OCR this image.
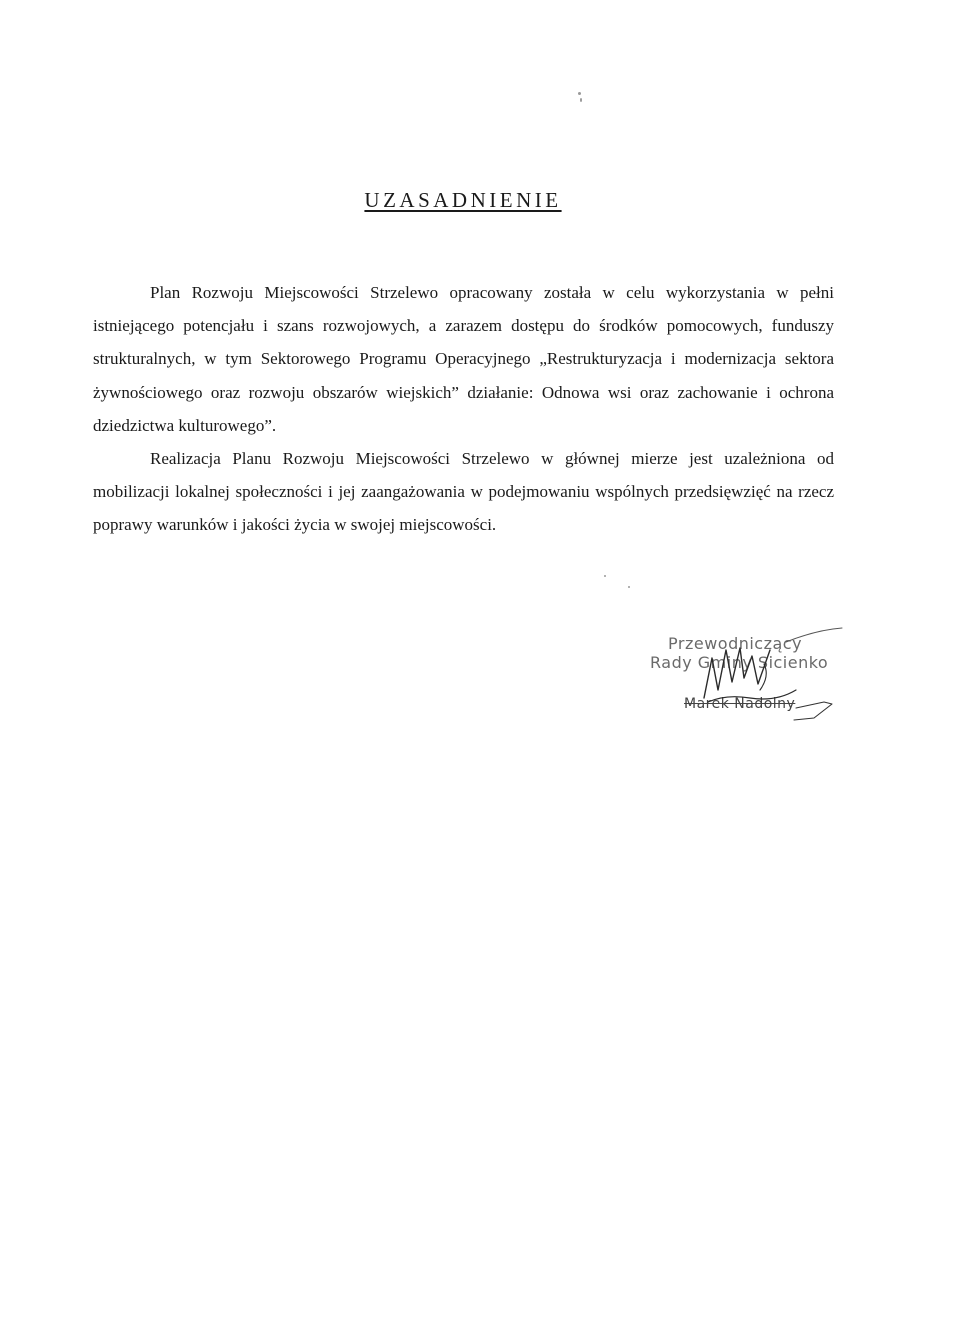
UZASADNIENIE

Plan Rozwoju Miejscowości Strzelewo opracowany została w celu wykorzystania w pełni istniejącego potencjału i szans rozwojowych, a zarazem dostępu do środków pomocowych, funduszy strukturalnych, w tym Sektorowego Programu Operacyjnego „Restrukturyzacja i modernizacja sektora żywnościowego oraz rozwoju obszarów wiejskich” działanie: Odnowa wsi oraz zachowanie i ochrona dziedzictwa kulturowego”.

Realizacja Planu Rozwoju Miejscowości Strzelewo w głównej mierze jest uzależniona od mobilizacji lokalnej społeczności i jej zaangażowania w podejmowaniu wspólnych przedsięwzięć na rzecz poprawy warunków i jakości życia w swojej miejscowości.

Przewodniczący
Rady Gminy Sicienko
Marek Nadolny
